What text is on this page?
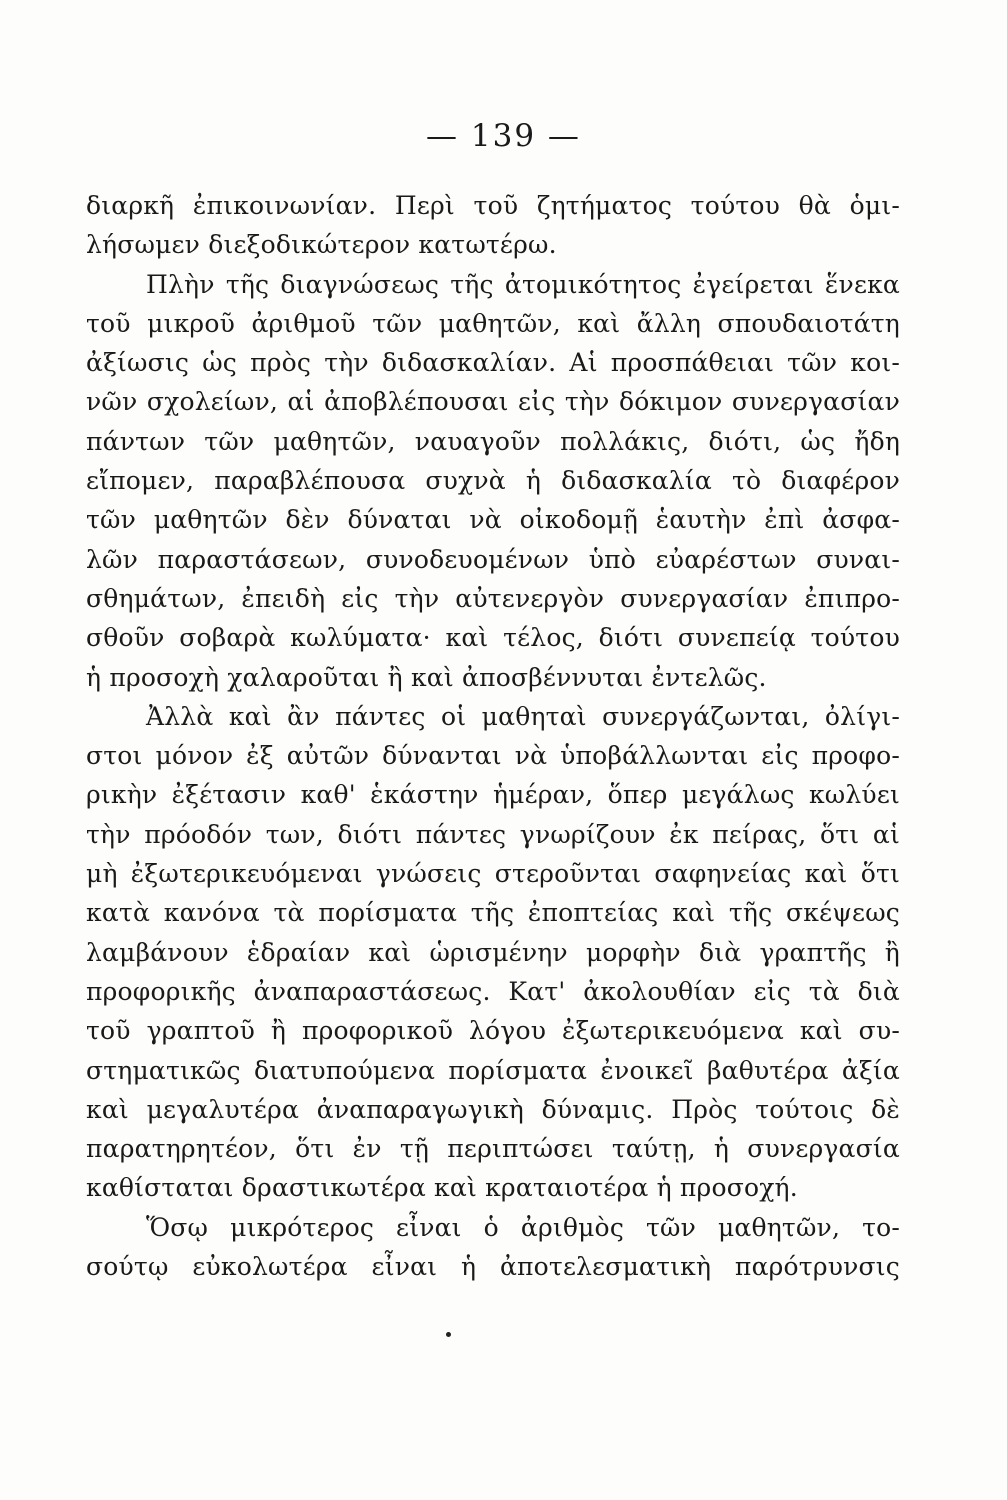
— 139 —
διαρκῆ ἐπικοινωνίαν. Περὶ τοῦ ζητήματος τούτου θὰ ὁμι-
λήσωμεν διεξοδικώτερον κατωτέρω.
Πλὴν τῆς διαγνώσεως τῆς ἀτομικότητος ἐγείρεται ἕνεκα
τοῦ μικροῦ ἀριθμοῦ τῶν μαθητῶν, καὶ ἄλλη σπουδαιοτάτη
ἀξίωσις ὡς πρὸς τὴν διδασκαλίαν. Αἱ προσπάθειαι τῶν κοι-
νῶν σχολείων, αἱ ἀποβλέπουσαι εἰς τὴν δόκιμον συνεργασίαν
πάντων τῶν μαθητῶν, ναυαγοῦν πολλάκις, διότι, ὡς ἤδη
εἴπομεν, παραβλέπουσα συχνὰ ἡ διδασκαλία τὸ διαφέρον
τῶν μαθητῶν δὲν δύναται νὰ οἰκοδομῇ ἑαυτὴν ἐπὶ ἀσφα-
λῶν παραστάσεων, συνοδευομένων ὑπὸ εὐαρέστων συναι-
σθημάτων, ἐπειδὴ εἰς τὴν αὐτενεργὸν συνεργασίαν ἐπιπρο-
σθοῦν σοβαρὰ κωλύματα· καὶ τέλος, διότι συνεπείᾳ τούτου
ἡ προσοχὴ χαλαροῦται ἢ καὶ ἀποσβέννυται ἐντελῶς.
Ἀλλὰ καὶ ἂν πάντες οἱ μαθηταὶ συνεργάζωνται, ὀλίγι-
στοι μόνον ἐξ αὐτῶν δύνανται νὰ ὑποβάλλωνται εἰς προφο-
ρικὴν ἐξέτασιν καθ' ἑκάστην ἡμέραν, ὅπερ μεγάλως κωλύει
τὴν πρόοδόν των, διότι πάντες γνωρίζουν ἐκ πείρας, ὅτι αἱ
μὴ ἐξωτερικευόμεναι γνώσεις στεροῦνται σαφηνείας καὶ ὅτι
κατὰ κανόνα τὰ πορίσματα τῆς ἐποπτείας καὶ τῆς σκέψεως
λαμβάνουν ἑδραίαν καὶ ὡρισμένην μορφὴν διὰ γραπτῆς ἢ
προφορικῆς ἀναπαραστάσεως. Κατ' ἀκολουθίαν εἰς τὰ διὰ
τοῦ γραπτοῦ ἢ προφορικοῦ λόγου ἐξωτερικευόμενα καὶ συ-
στηματικῶς διατυπούμενα πορίσματα ἐνοικεῖ βαθυτέρα ἀξία
καὶ μεγαλυτέρα ἀναπαραγωγικὴ δύναμις. Πρὸς τούτοις δὲ
παρατηρητέον, ὅτι ἐν τῇ περιπτώσει ταύτῃ, ἡ συνεργασία
καθίσταται δραστικωτέρα καὶ κραταιοτέρα ἡ προσοχή.
Ὅσῳ μικρότερος εἶναι ὁ ἀριθμὸς τῶν μαθητῶν, το-
σούτῳ εὐκολωτέρα εἶναι ἡ ἀποτελεσματικὴ παρότρυνσις
